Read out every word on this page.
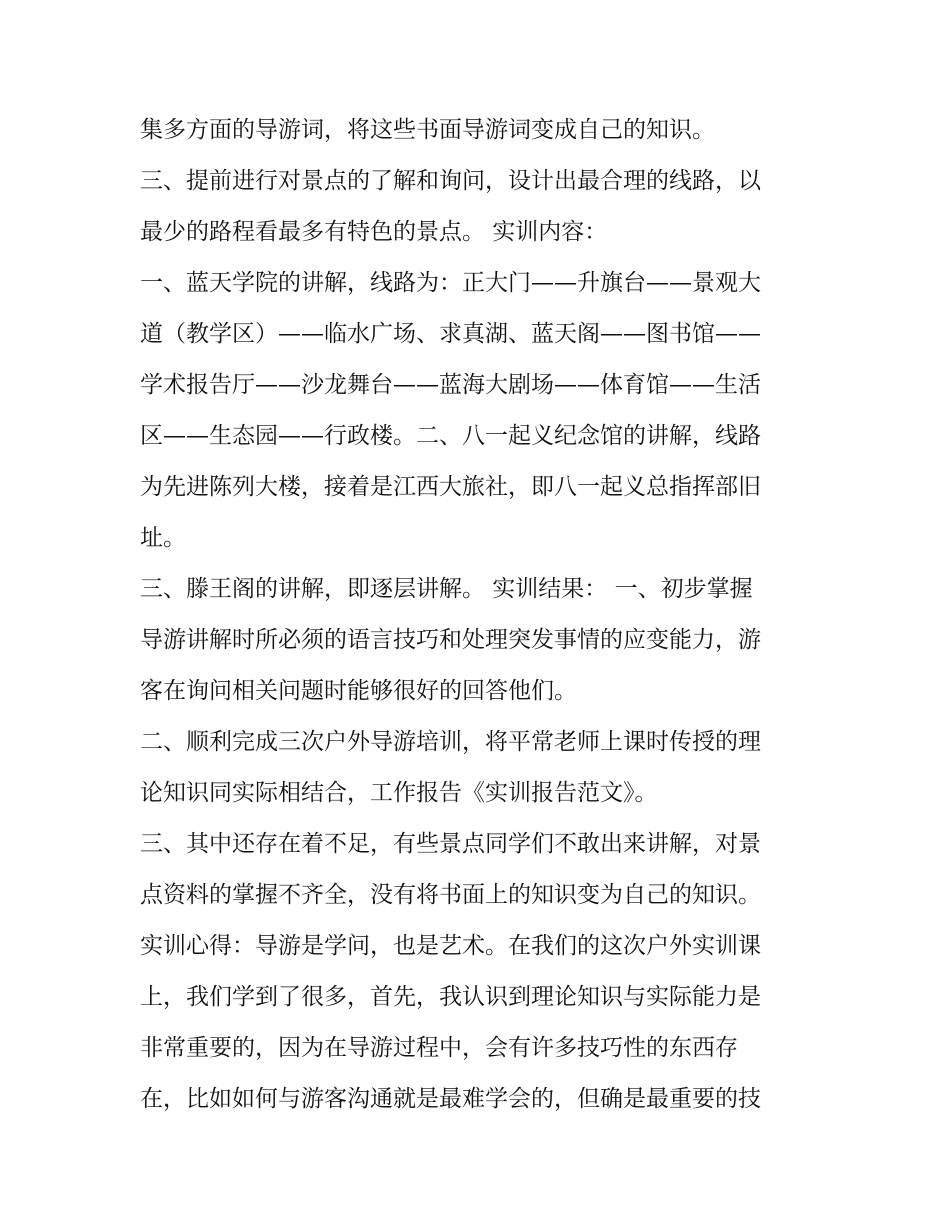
集多方面的导游词，将这些书面导游词变成自己的知识。
三、提前进行对景点的了解和询问，设计出最合理的线路，以
最少的路程看最多有特色的景点。 实训内容：
一、蓝天学院的讲解，线路为：正大门——升旗台——景观大
道（教学区）——临水广场、求真湖、蓝天阁——图书馆——
学术报告厅——沙龙舞台——蓝海大剧场——体育馆——生活
区——生态园——行政楼。二、八一起义纪念馆的讲解，线路
为先进陈列大楼，接着是江西大旅社，即八一起义总指挥部旧
址。
三、滕王阁的讲解，即逐层讲解。 实训结果： 一、初步掌握
导游讲解时所必须的语言技巧和处理突发事情的应变能力，游
客在询问相关问题时能够很好的回答他们。
二、顺利完成三次户外导游培训，将平常老师上课时传授的理
论知识同实际相结合，工作报告《实训报告范文》。
三、其中还存在着不足，有些景点同学们不敢出来讲解，对景
点资料的掌握不齐全，没有将书面上的知识变为自己的知识。
实训心得：导游是学问，也是艺术。在我们的这次户外实训课
上，我们学到了很多，首先，我认识到理论知识与实际能力是
非常重要的，因为在导游过程中，会有许多技巧性的东西存
在，比如如何与游客沟通就是最难学会的，但确是最重要的技
